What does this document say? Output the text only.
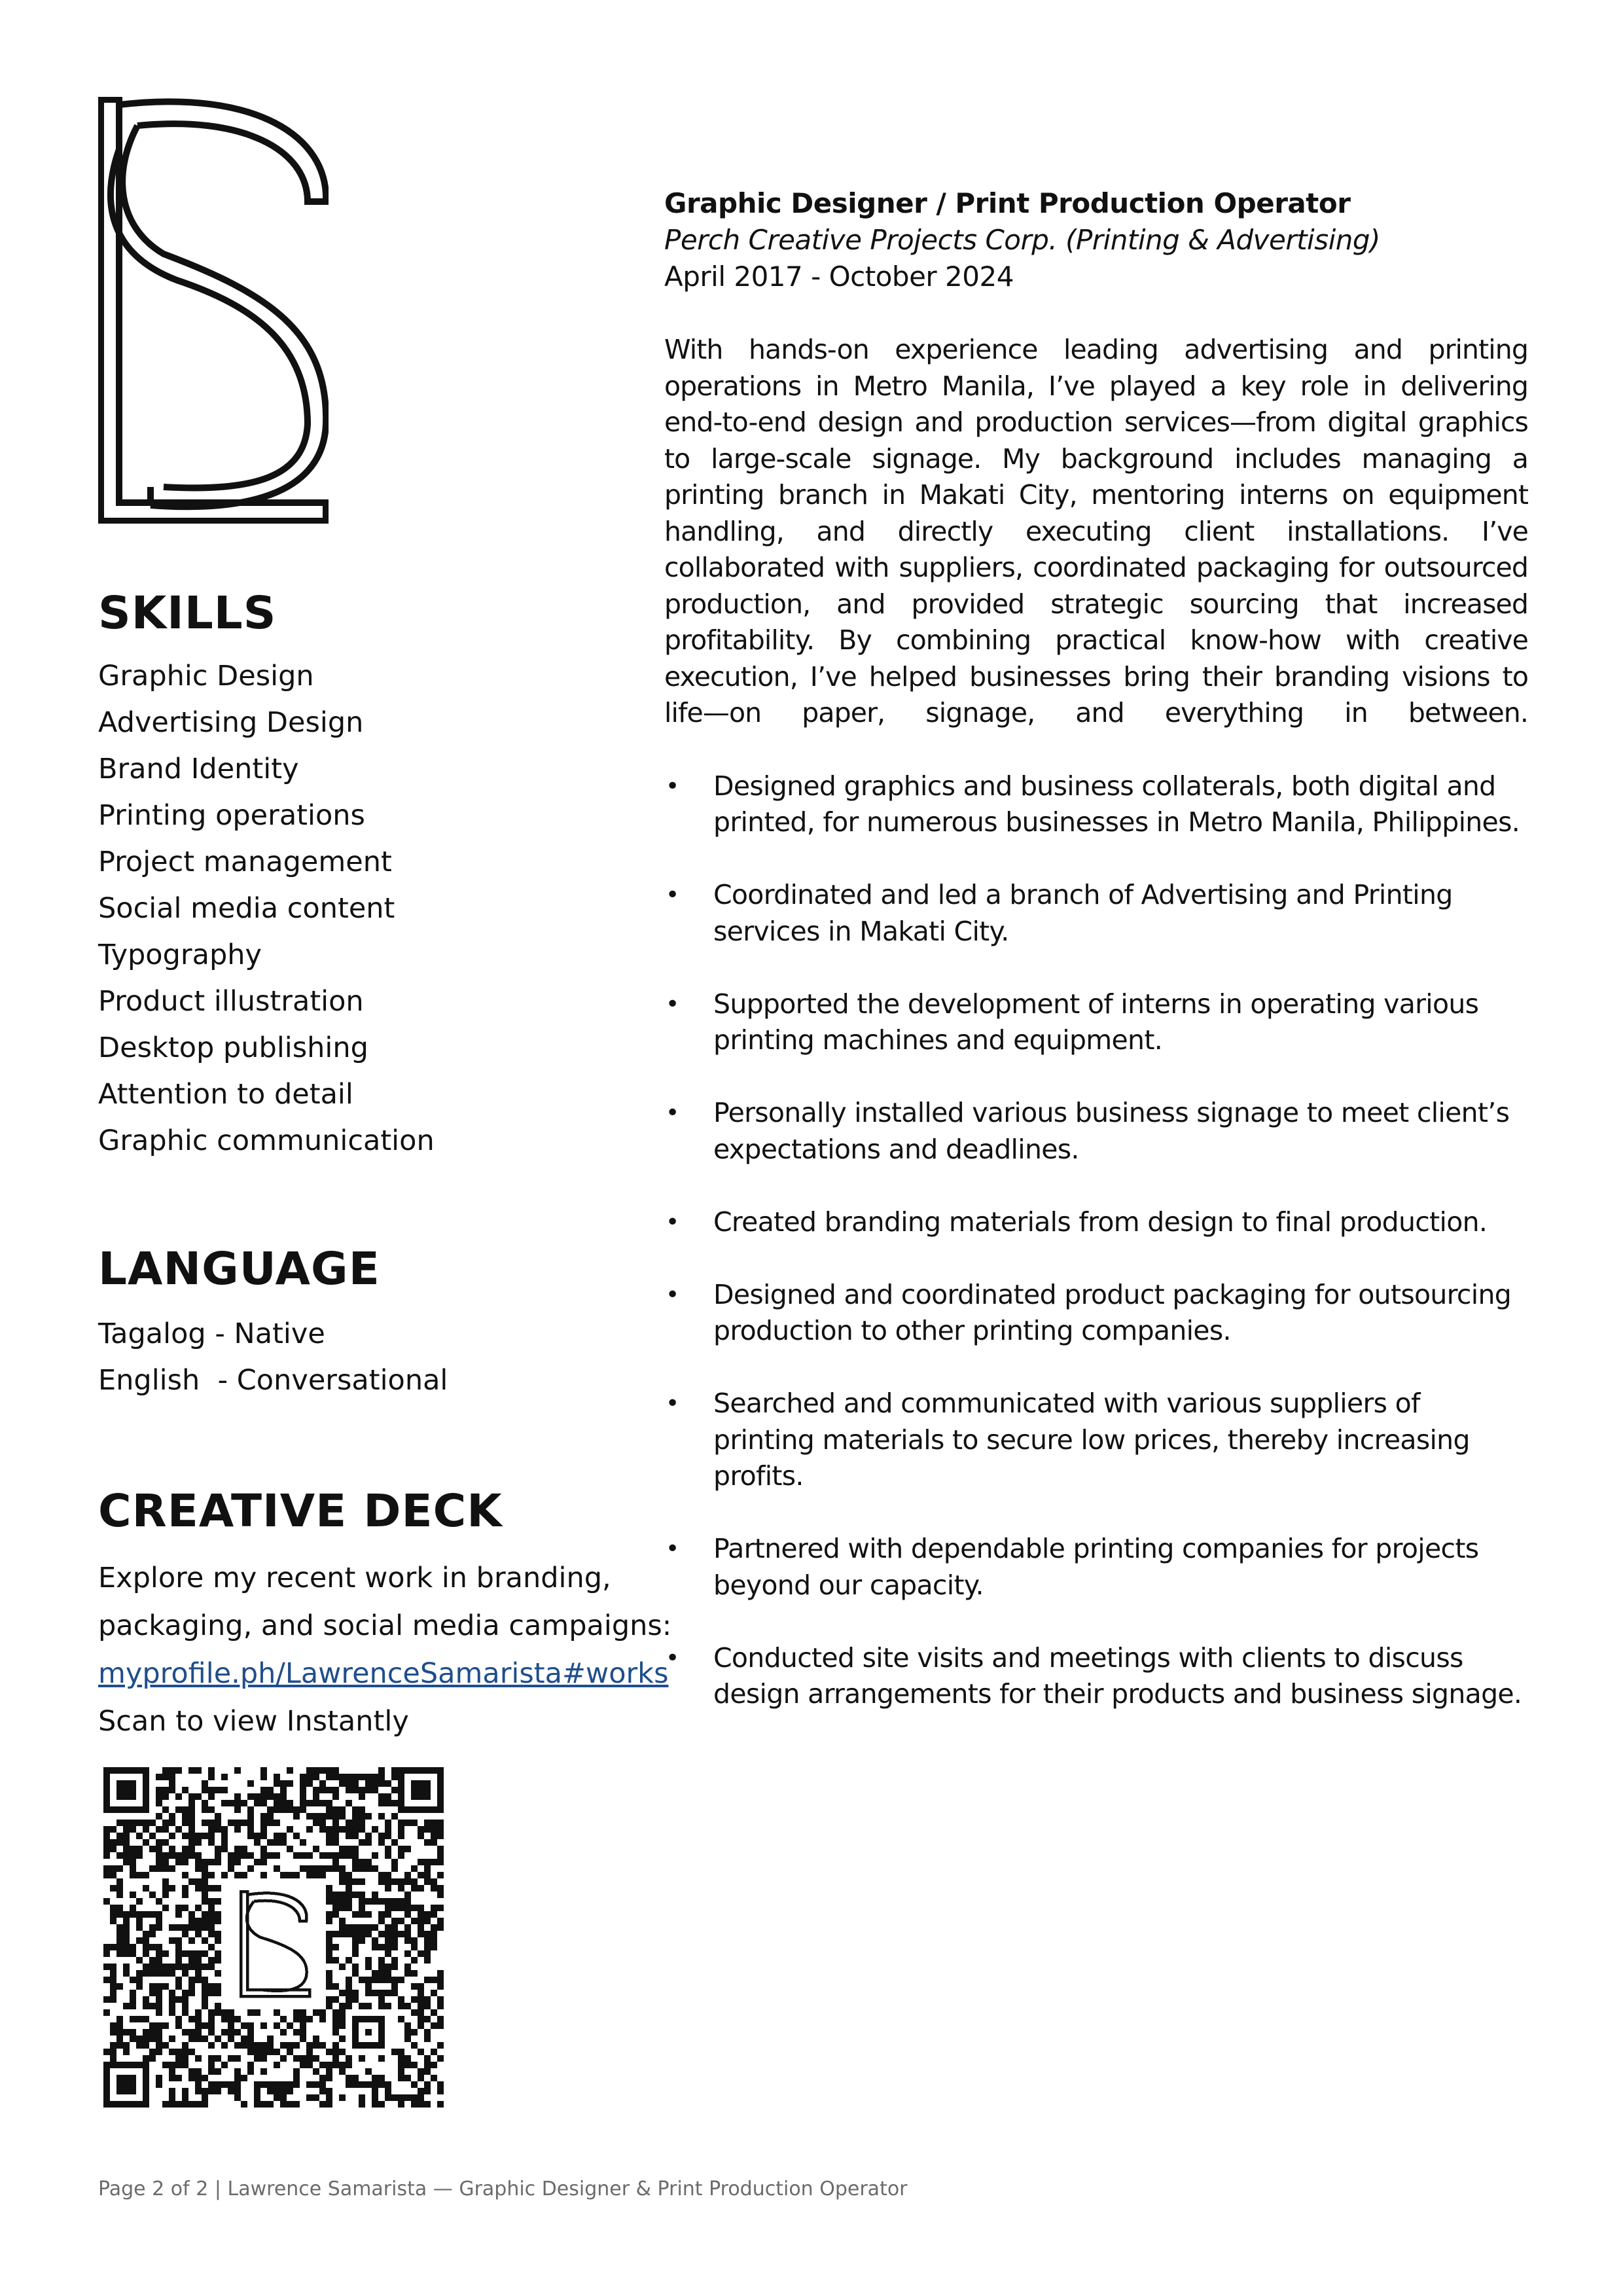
SKILLS
Graphic Design
Advertising Design
Brand Identity
Printing operations
Project management
Social media content
Typography
Product illustration
Desktop publishing
Attention to detail
Graphic communication
LANGUAGE
Tagalog - Native
English  - Conversational
CREATIVE DECK
Explore my recent work in branding,
packaging, and social media campaigns:
myprofile.ph/LawrenceSamarista#works
Scan to view Instantly
Page 2 of 2 | Lawrence Samarista — Graphic Designer & Print Production Operator
Graphic Designer / Print Production Operator
Perch Creative Projects Corp. (Printing & Advertising)
April 2017 - October 2024
With hands-on experience leading advertising and printing operations in Metro Manila, I’ve played a key role in delivering end-to-end design and production services—from digital graphics to large-scale signage. My background includes managing a printing branch in Makati City, mentoring interns on equipment handling, and directly executing client installations. I’ve collaborated with suppliers, coordinated packaging for outsourced production, and provided strategic sourcing that increased profitability. By combining practical know-how with creative execution, I’ve helped businesses bring their branding visions to life—on paper, signage, and everything in between.
• Designed graphics and business collaterals, both digital and printed, for numerous businesses in Metro Manila, Philippines.
• Coordinated and led a branch of Advertising and Printing services in Makati City.
• Supported the development of interns in operating various printing machines and equipment.
• Personally installed various business signage to meet client’s expectations and deadlines.
• Created branding materials from design to final production.
• Designed and coordinated product packaging for outsourcing production to other printing companies.
• Searched and communicated with various suppliers of printing materials to secure low prices, thereby increasing profits.
• Partnered with dependable printing companies for projects beyond our capacity.
• Conducted site visits and meetings with clients to discuss design arrangements for their products and business signage.
